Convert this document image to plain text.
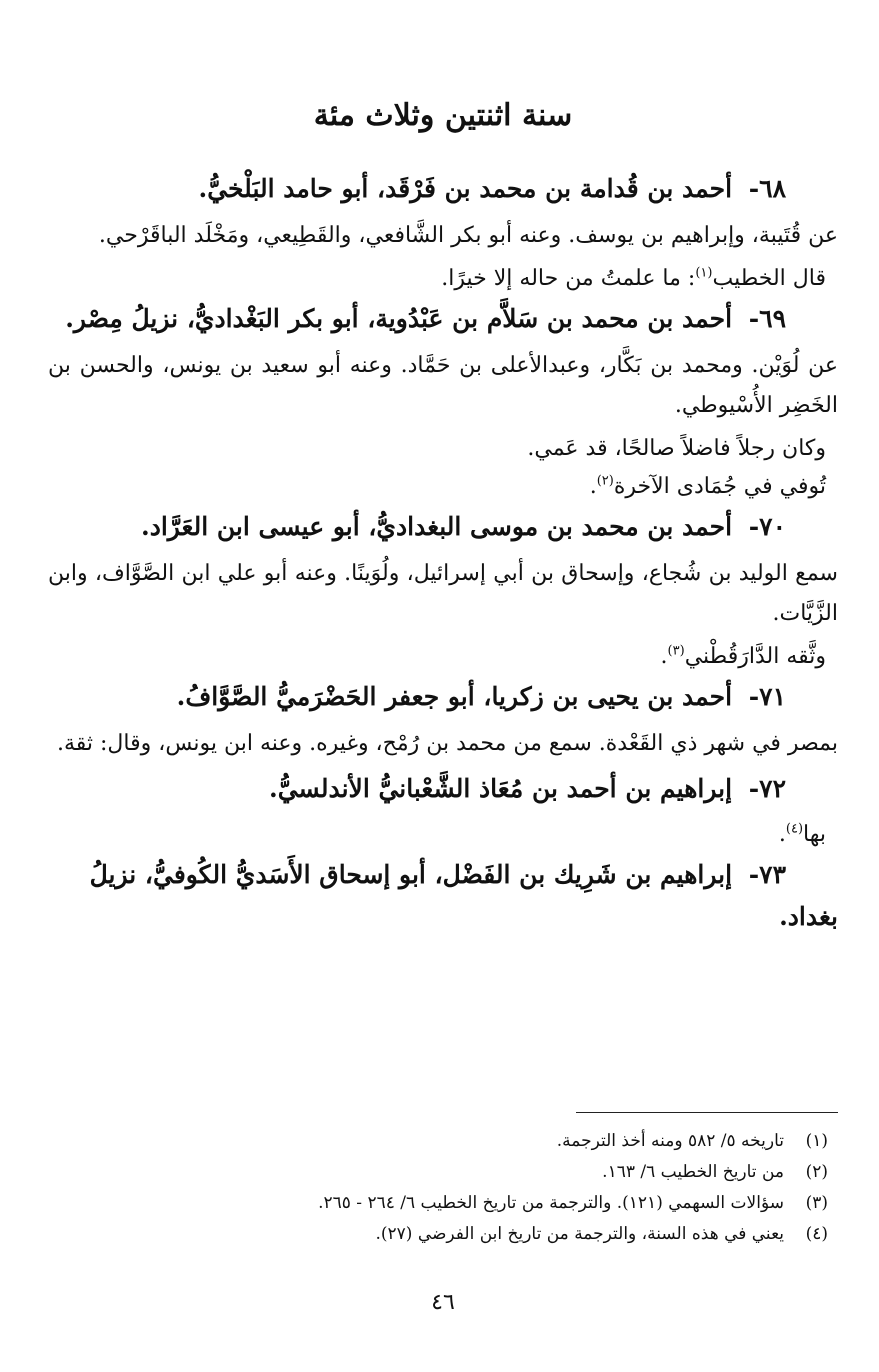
سنة اثنتين وثلاث مئة
٦٨- أحمد بن قُدامة بن محمد بن فَرْقَد، أبو حامد البَلْخيُّ.

عن قُتَيبة، وإبراهيم بن يوسف. وعنه أبو بكر الشَّافعي، والقَطِيعي، ومَخْلَد الباقَرْحي.

قال الخطيب$^{(١)}$: ما علمتُ من حاله إلا خيرًا.

٦٩- أحمد بن محمد بن سَلاَّم بن عَبْدُوية، أبو بكر البَغْداديُّ، نزيلُ مِصْر.

عن لُوَيْن. ومحمد بن بَكَّار، وعبدالأعلى بن حَمَّاد. وعنه أبو سعيد بن يونس، والحسن بن الخَضِر الأُسْيوطي.

وكان رجلاً فاضلاً صالحًا، قد عَمي.

تُوفي في جُمَادى الآخرة$^{(٢)}$.

٧٠- أحمد بن محمد بن موسى البغداديُّ، أبو عيسى ابن العَرَّاد.

سمع الوليد بن شُجاع، وإسحاق بن أبي إسرائيل، ولُوَينًا. وعنه أبو علي ابن الصَّوَّاف، وابن الزَّيَّات.

وثَّقه الدَّارَقُطْني$^{(٣)}$.

٧١- أحمد بن يحيى بن زكريا، أبو جعفر الحَضْرَميُّ الصَّوَّافُ.

بمصر في شهر ذي القَعْدة. سمع من محمد بن رُمْح، وغيره. وعنه ابن يونس، وقال: ثقة.

٧٢- إبراهيم بن أحمد بن مُعَاذ الشَّعْبانيُّ الأندلسيُّ.

بها$^{(٤)}$.

٧٣- إبراهيم بن شَرِيك بن الفَضْل، أبو إسحاق الأَسَديُّ الكُوفيُّ، نزيلُ بغداد.

(١)
تاريخه ٥/ ٥٨٢ ومنه أخذ الترجمة.

(٢)
من تاريخ الخطيب ٦/ ١٦٣.

(٣)
سؤالات السهمي (١٢١). والترجمة من تاريخ الخطيب ٦/ ٢٦٤ - ٢٦٥.

(٤)
يعني في هذه السنة، والترجمة من تاريخ ابن الفرضي (٢٧).

٤٦
